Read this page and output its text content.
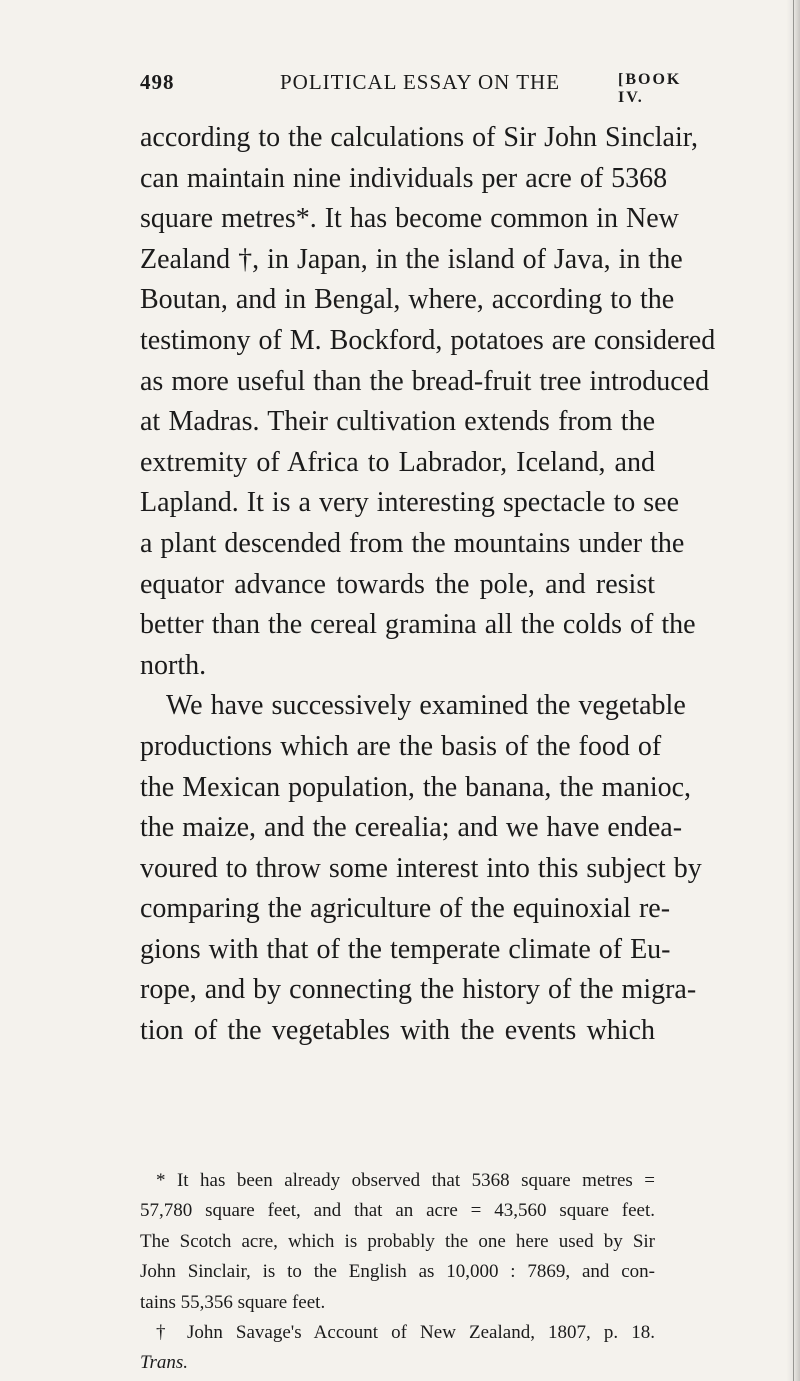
498	POLITICAL ESSAY ON THE	[BOOK IV.
according to the calculations of Sir John Sinclair,
can maintain nine individuals per acre of 5368
square metres*. It has become common in New
Zealand †, in Japan, in the island of Java, in the
Boutan, and in Bengal, where, according to the
testimony of M. Bockford, potatoes are considered
as more useful than the bread-fruit tree introduced
at Madras. Their cultivation extends from the
extremity of Africa to Labrador, Iceland, and
Lapland. It is a very interesting spectacle to see
a plant descended from the mountains under the
equator advance towards the pole, and resist
better than the cereal gramina all the colds of the
north.
We have successively examined the vegetable
productions which are the basis of the food of
the Mexican population, the banana, the manioc,
the maize, and the cerealia; and we have endea-
voured to throw some interest into this subject by
comparing the agriculture of the equinoxial re-
gions with that of the temperate climate of Eu-
rope, and by connecting the history of the migra-
tion of the vegetables with the events which
* It has been already observed that 5368 square metres =
57,780 square feet, and that an acre = 43,560 square feet.
The Scotch acre, which is probably the one here used by Sir
John Sinclair, is to the English as 10,000 : 7869, and con-
tains 55,356 square feet.
† John Savage's Account of New Zealand, 1807, p. 18.
Trans.
